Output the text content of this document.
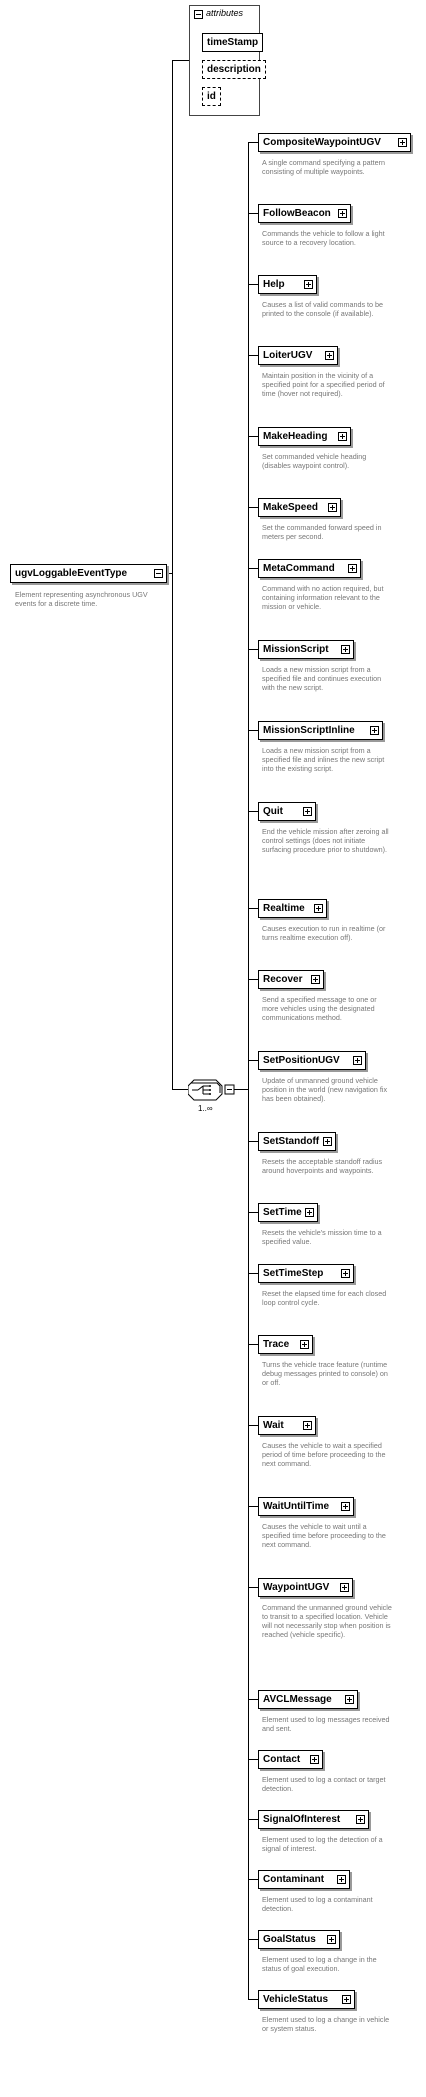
ugvLoggableEventType
Element representing asynchronous UGV events for a discrete time.
attributes
timeStamp
description
id
1..∞
CompositeWaypointUGV
A single command specifying a pattern consisting of multiple waypoints.
FollowBeacon
Commands the vehicle to follow a light source to a recovery location.
Help
Causes a list of valid commands to be printed to the console (if available).
LoiterUGV
Maintain position in the vicinity of a specified point for a specified period of time (hover not required).
MakeHeading
Set commanded vehicle heading (disables waypoint control).
MakeSpeed
Set the commanded forward speed in meters per second.
MetaCommand
Command with no action required, but containing information relevant to the mission or vehicle.
MissionScript
Loads a new mission script from a specified file and continues execution with the new script.
MissionScriptInline
Loads a new mission script from a specified file and inlines the new script into the existing script.
Quit
End the vehicle mission after zeroing all control settings (does not initiate surfacing procedure prior to shutdown).
Realtime
Causes execution to run in realtime (or turns realtime execution off).
Recover
Send a specified message to one or more vehicles using the designated communications method.
SetPositionUGV
Update of unmanned ground vehicle position in the world (new navigation fix has been obtained).
SetStandoff
Resets the acceptable standoff radius around hoverpoints and waypoints.
SetTime
Resets the vehicle's mission time to a specified value.
SetTimeStep
Reset the elapsed time for each closed loop control cycle.
Trace
Turns the vehicle trace feature (runtime debug messages printed to console) on or off.
Wait
Causes the vehicle to wait a specified period of time before proceeding to the next command.
WaitUntilTime
Causes the vehicle to wait until a specified time before proceeding to the next command.
WaypointUGV
Command the unmanned ground vehicle to transit to a specified location. Vehicle will not necessarily stop when position is reached (vehicle specific).
AVCLMessage
Element used to log messages received and sent.
Contact
Element used to log a contact or target detection.
SignalOfInterest
Element used to log the detection of a signal of interest.
Contaminant
Element used to log a contaminant detection.
GoalStatus
Element used to log a change in the status of goal execution.
VehicleStatus
Element used to log a change in vehicle or system status.
